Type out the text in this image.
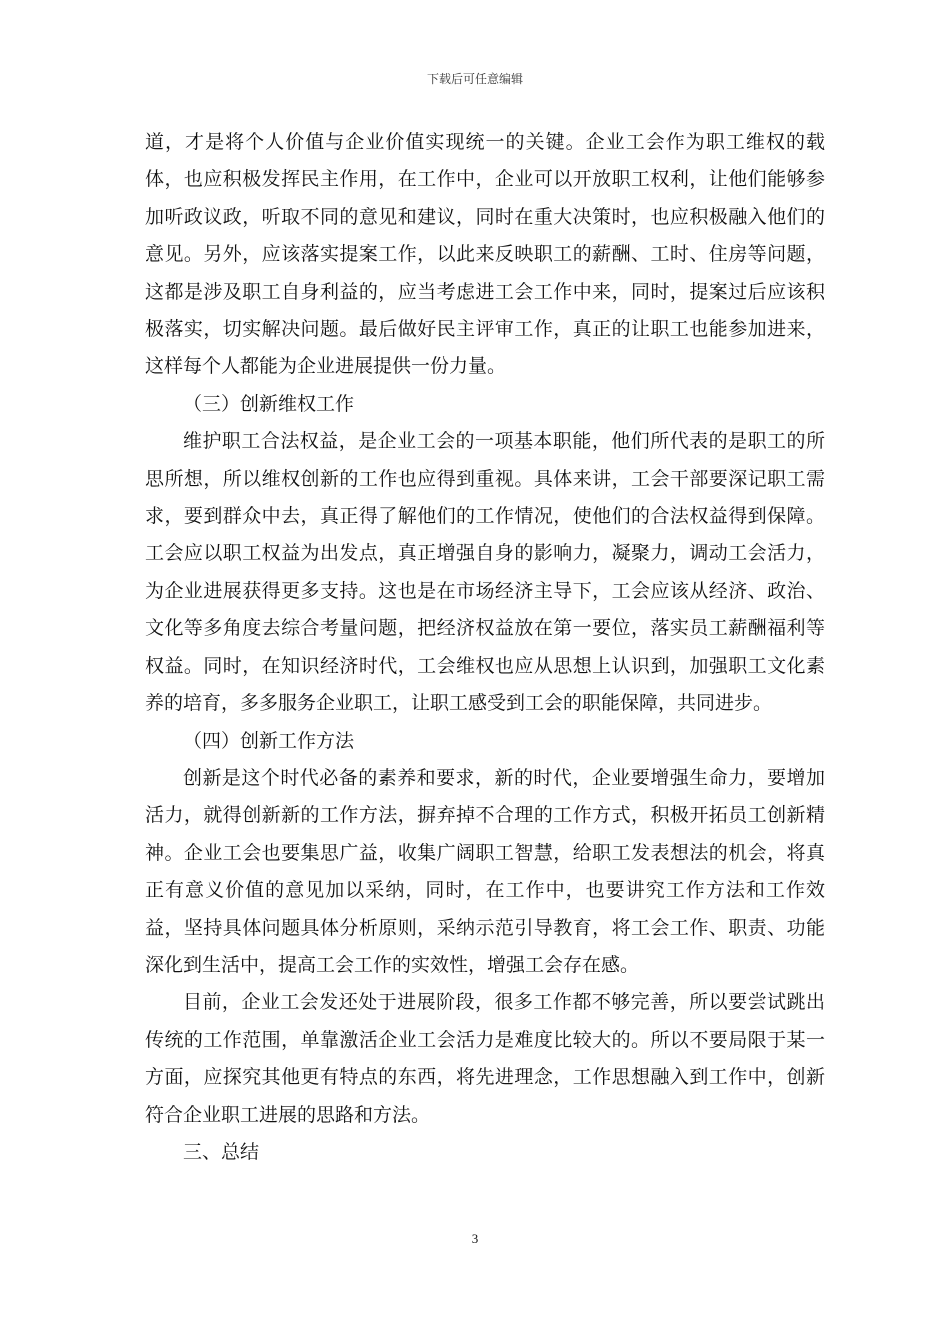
下载后可任意编辑

道，才是将个人价值与企业价值实现统一的关键。企业工会作为职工维权的载体，也应积极发挥民主作用，在工作中，企业可以开放职工权利，让他们能够参加听政议政，听取不同的意见和建议，同时在重大决策时，也应积极融入他们的意见。另外，应该落实提案工作，以此来反映职工的薪酬、工时、住房等问题，这都是涉及职工自身利益的，应当考虑进工会工作中来，同时，提案过后应该积极落实，切实解决问题。最后做好民主评审工作，真正的让职工也能参加进来，这样每个人都能为企业进展提供一份力量。

（三）创新维权工作

维护职工合法权益，是企业工会的一项基本职能，他们所代表的是职工的所思所想，所以维权创新的工作也应得到重视。具体来讲，工会干部要深记职工需求，要到群众中去，真正得了解他们的工作情况，使他们的合法权益得到保障。工会应以职工权益为出发点，真正增强自身的影响力，凝聚力，调动工会活力，为企业进展获得更多支持。这也是在市场经济主导下，工会应该从经济、政治、文化等多角度去综合考量问题，把经济权益放在第一要位，落实员工薪酬福利等权益。同时，在知识经济时代，工会维权也应从思想上认识到，加强职工文化素养的培育，多多服务企业职工，让职工感受到工会的职能保障，共同进步。

（四）创新工作方法

创新是这个时代必备的素养和要求，新的时代，企业要增强生命力，要增加活力，就得创新新的工作方法，摒弃掉不合理的工作方式，积极开拓员工创新精神。企业工会也要集思广益，收集广阔职工智慧，给职工发表想法的机会，将真正有意义价值的意见加以采纳，同时，在工作中，也要讲究工作方法和工作效益，坚持具体问题具体分析原则，采纳示范引导教育，将工会工作、职责、功能深化到生活中，提高工会工作的实效性，增强工会存在感。

目前，企业工会发还处于进展阶段，很多工作都不够完善，所以要尝试跳出传统的工作范围，单靠激活企业工会活力是难度比较大的。所以不要局限于某一方面，应探究其他更有特点的东西，将先进理念，工作思想融入到工作中，创新符合企业职工进展的思路和方法。

三、总结

3
